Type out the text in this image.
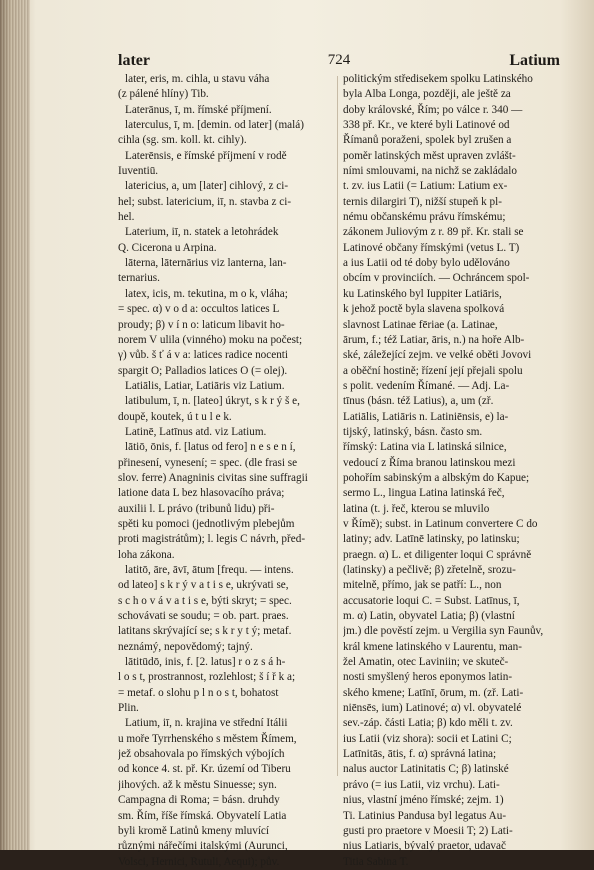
later	724	Latium
later, eris, m. cihla, u stavu váha
(z pálené hlíny) Tib.
Laterānus, ī, m. římské příjmení.
laterculus, ī, m. [demin. od later] (malá)
cihla (sg. sm. koll. kt. cihly).
Laterēnsis, e římské příjmení v rodě
Iuventiū.
latericius, a, um [later] cihlový, z ci-
hel; subst. latericium, iī, n. stavba z ci-
hel.
Laterium, iī, n. statek a letohrádek
Q. Cicerona u Arpina.
lāterna, lāternārius viz lanterna, lan-
ternarius.
latex, icis, m. tekutina, m o k, vláha;
= spec. α) v o d a: occultos latices L
proudy; β) v í n o: laticum libavit ho-
norem V ulila (vinného) moku na počest;
γ) vůb. š ť á v a: latices radice nocenti
spargit O; Palladios latices O (= olej).
Latiālis, Latiar, Latiāris viz Latium.
latibulum, ī, n. [lateo] úkryt, s k r ý š e,
doupě, koutek, ú t u l e k.
Latinē, Latīnus atd. viz Latium.
lātiō, ōnis, f. [latus od fero] n e s e n í,
přinesení, vynesení; = spec. (dle frasi se
slov. ferre) Anagninis civitas sine suffragii
latione data L bez hlasovacího práva;
auxilii l. L právo (tribunů lidu) při-
spěti ku pomoci (jednotlivým plebejům
proti magistrátům); l. legis C návrh, před-
loha zákona.
latitō, āre, āvī, ātum [frequ. — intens.
od lateo] s k r ý v a t i s e, ukrývati se,
s c h o v á v a t i s e, býti skryt; = spec.
schovávati se soudu; = ob. part. praes.
latitans skrývající se; s k r y t ý; metaf.
neznámý, nepovědomý; tajný.
lātitūdō, inis, f. [2. latus] r o z s á h-
l o s t, prostrannost, rozlehlost; š í ř k a;
= metaf. o slohu p l n o s t, bohatost
Plin.
Latium, iī, n. krajina ve střední Itálii
u moře Tyrrhenského s městem Římem,
jež obsahovala po římských výbojích
od konce 4. st. př. Kr. území od Tiberu
jihových. až k městu Sinuesse; syn.
Campagna di Roma; = básn. druhdy
sm. Řím, říše římská. Obyvatelí Latia
byli kromě Latinů kmeny mluvící
různými nářečími italskými (Aurunci,
Volsci, Hernici, Rutuli, Aequi); pův.
politickým středisekem spolku Latinského
byla Alba Longa, později, ale ještě za
doby královské, Řím; po válce r. 340 —
338 př. Kr., ve které byli Latinové od
Římanů poraženi, spolek byl zrušen a
poměr latinských měst upraven zvlášt-
ními smlouvami, na nichž se zakládalo
t. zv. ius Latii (= Latium: Latium ex-
ternis dilargiri T), nižší stupeň k pl-
nému občanskému právu římskému;
zákonem Juliovým z r. 89 př. Kr. stali se
Latinové občany římskými (vetus L. T)
a ius Latii od té doby bylo udělováno
obcím v provinciích. — Ochráncem spol-
ku Latinského byl Iuppiter Latiāris,
k jehož poctě byla slavena spolková
slavnost Latinae fēriae (a. Latinae,
ārum, f.; též Latiar, āris, n.) na hoře Alb-
ské, záležející zejm. ve velké oběti Jovovi
a oběční hostině; řízení její přejali spolu
s polit. vedením Římané. — Adj. La-
tīnus (básn. též Latius), a, um (zř.
Latiālis, Latiāris n. Latiniēnsis, e) la-
tijský, latinský, básn. často sm.
římský: Latina via L latinská silnice,
vedoucí z Říma branou latinskou mezi
pohořím sabinským a albským do Kapue;
sermo L., lingua Latina latinská řeč,
latina (t. j. řeč, kterou se mluvilo
v Římě); subst. in Latinum convertere C do
latiny; adv. Latīnē latinsky, po latinsku;
praegn. α) L. et diligenter loqui C správně
(latinsky) a pečlivě; β) zřetelně, srozu-
mitelně, přímo, jak se patří: L., non
accusatorie loqui C. = Subst. Latīnus, ī,
m. α) Latin, obyvatel Latia; β) (vlastní
jm.) dle pověstí zejm. u Vergilia syn Faunův,
král kmene latinského v Laurentu, man-
žel Amatin, otec Laviniin; ve skuteč-
nosti smyšlený heros eponymos latin-
ského kmene; Latīnī, ōrum, m. (zř. Lati-
niēnsēs, ium) Latinové; α) vl. obyvatelé
sev.-záp. části Latia; β) kdo měli t. zv.
ius Latii (viz shora): socii et Latini C;
Latīnitās, ātis, f. α) správná latina;
nalus auctor Latinitatis C; β) latinské
právo (= ius Latii, viz vrchu). Lati-
nius, vlastní jméno římské; zejm. 1)
Ti. Latinius Pandusa byl legatus Au-
gusti pro praetore v Moesii T; 2) Lati-
nius Latiaris, bývalý praetor, udavač
Titia Sabina T.
